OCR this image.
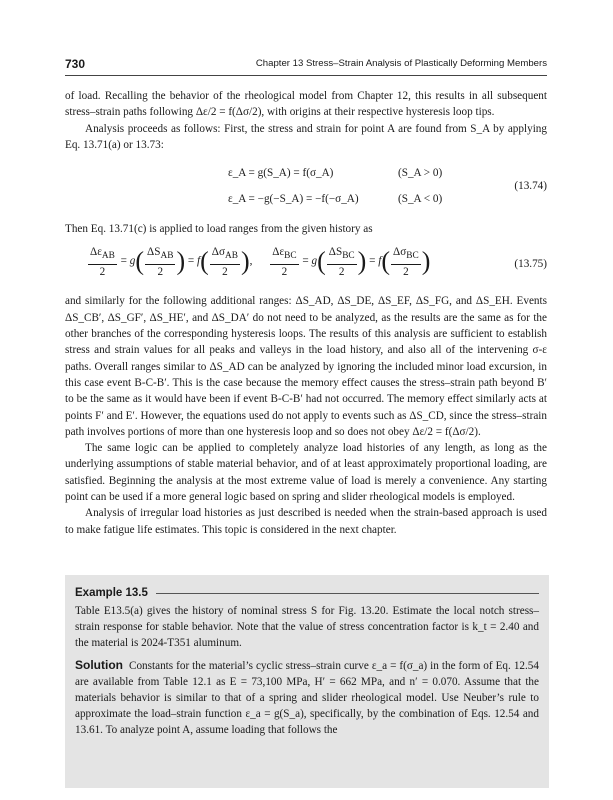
730	Chapter 13 Stress–Strain Analysis of Plastically Deforming Members

of load. Recalling the behavior of the rheological model from Chapter 12, this results in all subsequent stress–strain paths following Δε/2 = f(Δσ/2), with origins at their respective hysteresis loop tips.

Analysis proceeds as follows: First, the stress and strain for point A are found from S_A by applying Eq. 13.71(a) or 13.73:

ε_A = g(S_A) = f(σ_A)	(S_A > 0)
ε_A = −g(−S_A) = −f(−σ_A)	(S_A < 0)
(13.74)

Then Eq. 13.71(c) is applied to load ranges from the given history as

$\frac{\Delta\varepsilon_{AB}}{2} = g( \frac{\Delta S_{AB}}{2}$ ) = $f( \frac{\Delta\sigma_{AB}}{2}$ ), $\frac{\Delta\varepsilon_{BC}}{2} = g( \frac{\Delta S_{BC}}{2}$ ) = $f( \frac{\Delta\sigma_{BC}}{2}$ )	(13.75)

and similarly for the following additional ranges: ΔS_AD, ΔS_DE, ΔS_EF, ΔS_FG, and ΔS_EH. Events ΔS_CB′, ΔS_GF′, ΔS_HE′, and ΔS_DA′ do not need to be analyzed, as the results are the same as for the other branches of the corresponding hysteresis loops. The results of this analysis are sufficient to establish stress and strain values for all peaks and valleys in the load history, and also all of the intervening σ-ε paths. Overall ranges similar to ΔS_AD can be analyzed by ignoring the included minor load excursion, in this case event B-C-B′. This is the case because the memory effect causes the stress–strain path beyond B′ to be the same as it would have been if event B-C-B′ had not occurred. The memory effect similarly acts at points F′ and E′. However, the equations used do not apply to events such as ΔS_CD, since the stress–strain path involves portions of more than one hysteresis loop and so does not obey Δε/2 = f(Δσ/2).

The same logic can be applied to completely analyze load histories of any length, as long as the underlying assumptions of stable material behavior, and of at least approximately proportional loading, are satisfied. Beginning the analysis at the most extreme value of load is merely a convenience. Any starting point can be used if a more general logic based on spring and slider rheological models is employed.

Analysis of irregular load histories as just described is needed when the strain-based approach is used to make fatigue life estimates. This topic is considered in the next chapter.

Example 13.5

Table E13.5(a) gives the history of nominal stress S for Fig. 13.20. Estimate the local notch stress–strain response for stable behavior. Note that the value of stress concentration factor is k_t = 2.40 and the material is 2024-T351 aluminum.

Solution Constants for the material’s cyclic stress–strain curve ε_a = f(σ_a) in the form of Eq. 12.54 are available from Table 12.1 as E = 73,100 MPa, H′ = 662 MPa, and n′ = 0.070. Assume that the materials behavior is similar to that of a spring and slider rheological model. Use Neuber’s rule to approximate the load–strain function ε_a = g(S_a), specifically, by the combination of Eqs. 12.54 and 13.61. To analyze point A, assume loading that follows the
